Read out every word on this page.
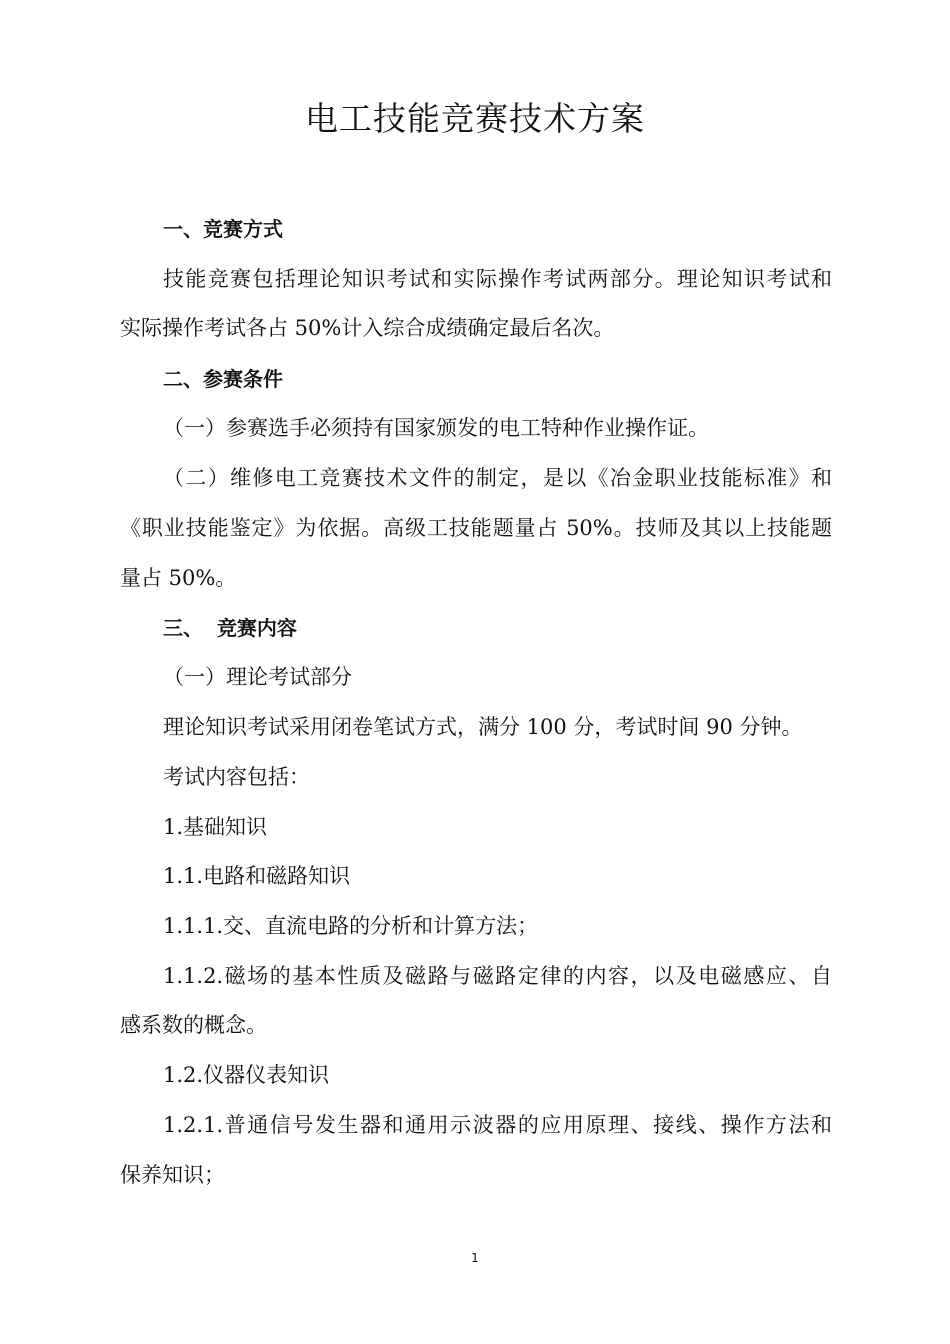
电工技能竞赛技术方案

一、竞赛方式

技能竞赛包括理论知识考试和实际操作考试两部分。理论知识考试和

实际操作考试各占 50%计入综合成绩确定最后名次。

二、参赛条件

（一）参赛选手必须持有国家颁发的电工特种作业操作证。

（二）维修电工竞赛技术文件的制定，是以《冶金职业技能标准》和

《职业技能鉴定》为依据。高级工技能题量占 50%。技师及其以上技能题

量占 50%。

三、  竞赛内容

（一）理论考试部分

理论知识考试采用闭卷笔试方式，满分 100 分，考试时间 90 分钟。

考试内容包括：

1.基础知识

1.1.电路和磁路知识

1.1.1.交、直流电路的分析和计算方法；

1.1.2.磁场的基本性质及磁路与磁路定律的内容，以及电磁感应、自

感系数的概念。

1.2.仪器仪表知识

1.2.1.普通信号发生器和通用示波器的应用原理、接线、操作方法和

保养知识；

1
